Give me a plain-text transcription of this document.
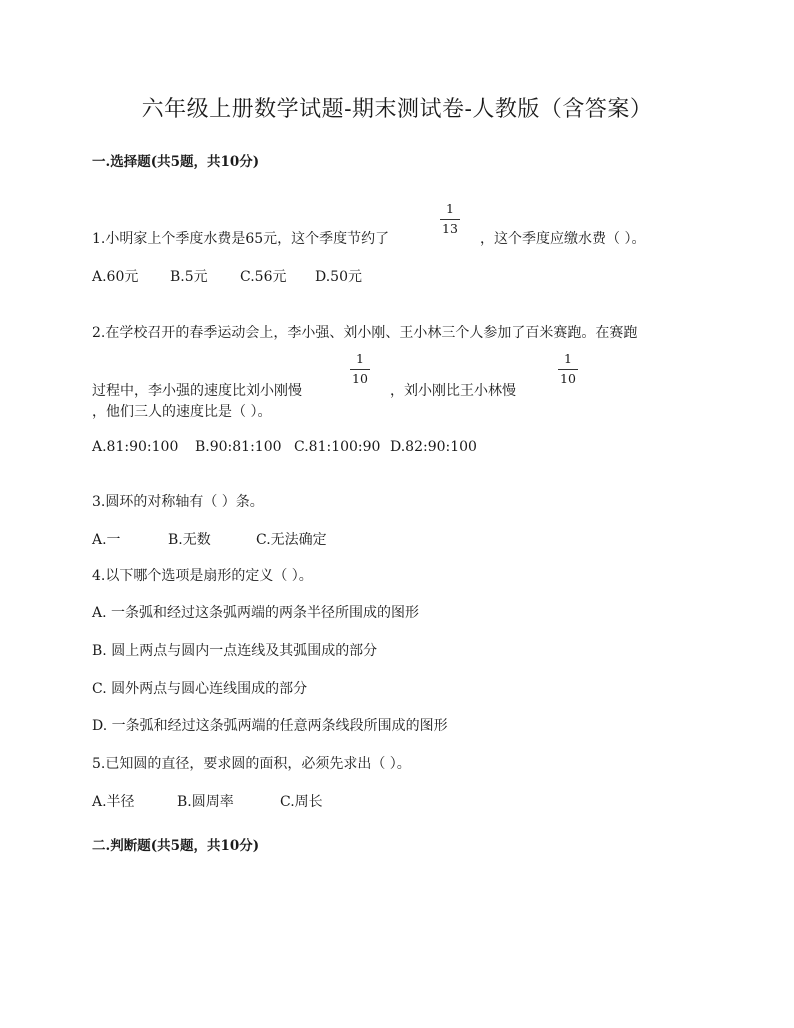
六年级上册数学试题-期末测试卷-人教版（含答案）
一.选择题(共5题，共10分)
1.小明家上个季度水费是65元，这个季度节约了
1
13
，这个季度应缴水费（ ）。
A.60元 B.5元 C.56元 D.50元
2.在学校召开的春季运动会上，李小强、刘小刚、王小林三个人参加了百米赛跑。在赛跑
过程中，李小强的速度比刘小刚慢
1
10
，刘小刚比王小林慢
1
10
，他们三人的速度比是（ ）。
A.81:90:100 B.90:81:100 C.81:100:90 D.82:90:100
3.圆环的对称轴有（ ）条。
A.一	B.无数	C.无法确定
4.以下哪个选项是扇形的定义（ ）。
A. 一条弧和经过这条弧两端的两条半径所围成的图形
B. 圆上两点与圆内一点连线及其弧围成的部分
C. 圆外两点与圆心连线围成的部分
D. 一条弧和经过这条弧两端的任意两条线段所围成的图形
5.已知圆的直径，要求圆的面积，必须先求出（ ）。
A.半径	B.圆周率	C.周长
二.判断题(共5题，共10分)
